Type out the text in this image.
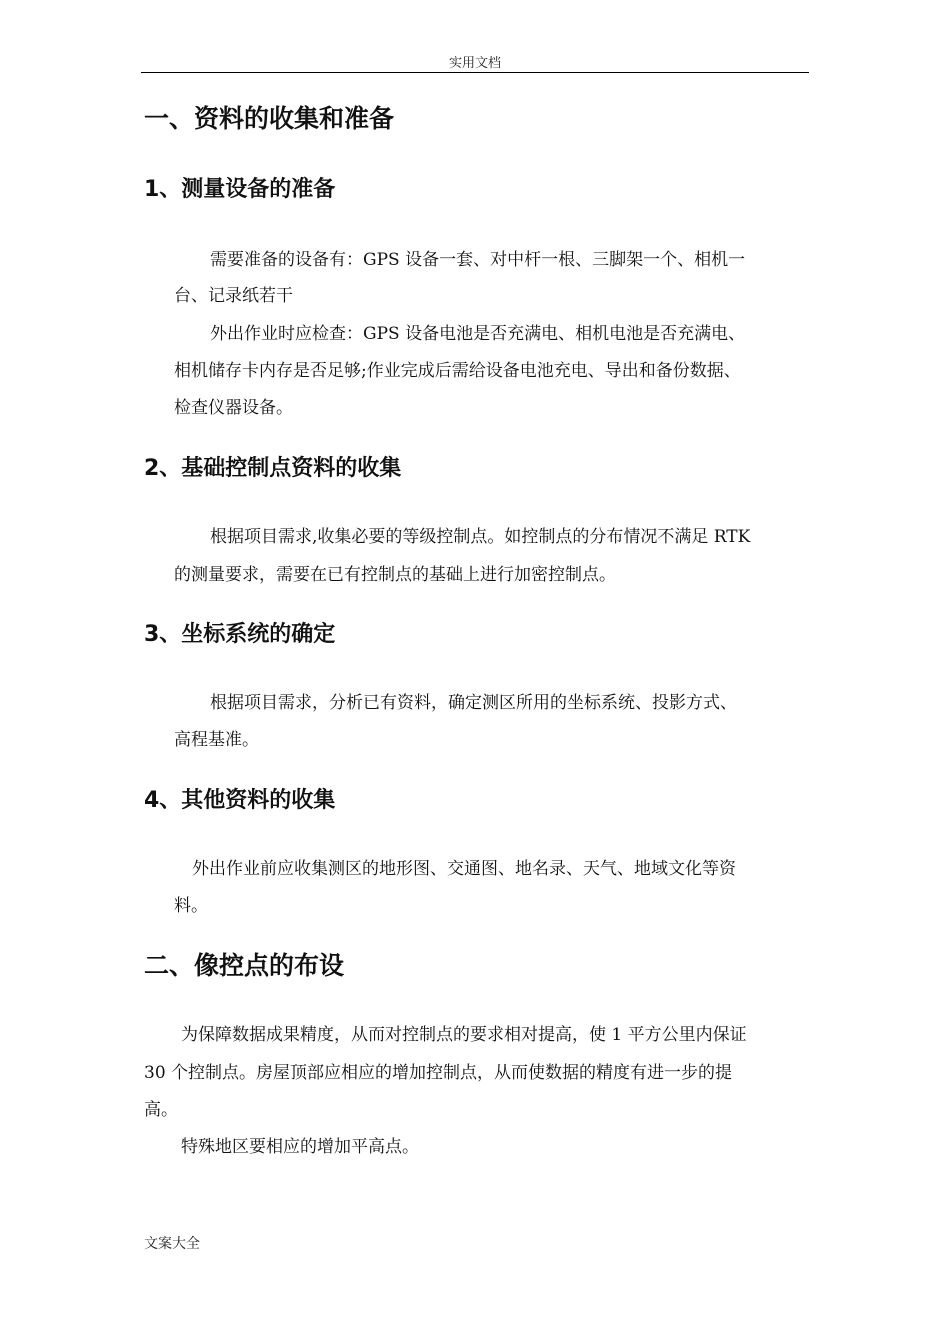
实用文档
一、资料的收集和准备
1、测量设备的准备

需要准备的设备有：GPS 设备一套、对中杆一根、三脚架一个、相机一

台、记录纸若干

外出作业时应检查：GPS 设备电池是否充满电、相机电池是否充满电、

相机储存卡内存是否足够;作业完成后需给设备电池充电、导出和备份数据、

检查仪器设备。

2、基础控制点资料的收集

根据项目需求,收集必要的等级控制点。如控制点的分布情况不满足 RTK

的测量要求，需要在已有控制点的基础上进行加密控制点。

3、坐标系统的确定

根据项目需求，分析已有资料，确定测区所用的坐标系统、投影方式、

高程基准。

4、其他资料的收集

外出作业前应收集测区的地形图、交通图、地名录、天气、地域文化等资

料。

二、像控点的布设

为保障数据成果精度，从而对控制点的要求相对提高，使 1 平方公里内保证

30 个控制点。房屋顶部应相应的增加控制点，从而使数据的精度有进一步的提

高。

特殊地区要相应的增加平高点。

文案大全
